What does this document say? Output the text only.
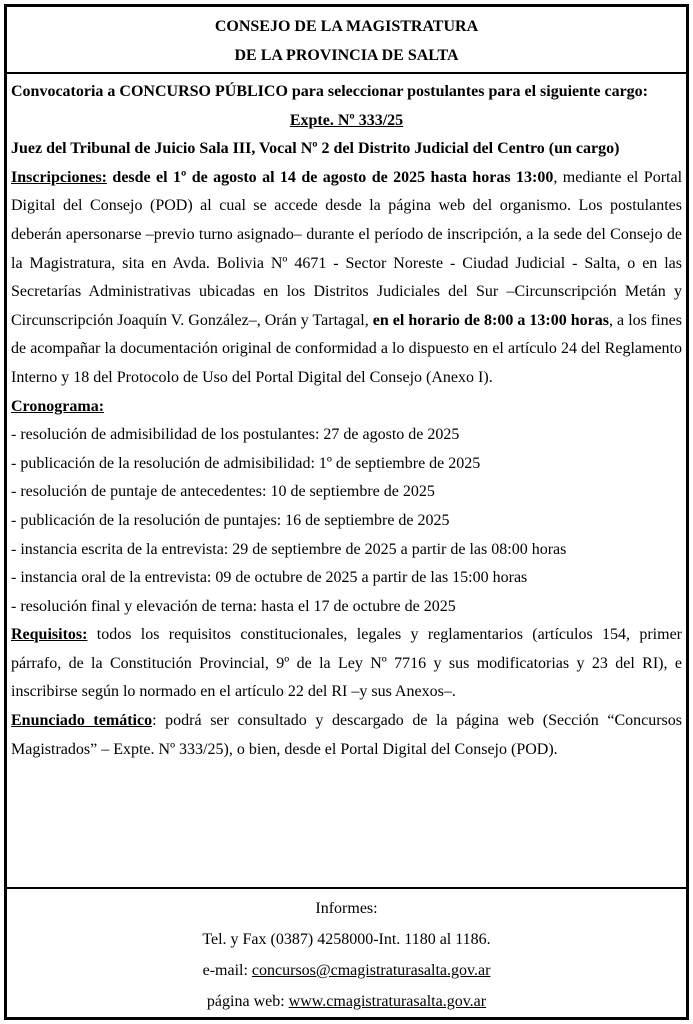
CONSEJO DE LA MAGISTRATURA
DE LA PROVINCIA DE SALTA

Convocatoria a CONCURSO PÚBLICO para seleccionar postulantes para el siguiente cargo:

Expte. Nº 333/25

Juez del Tribunal de Juicio Sala III, Vocal Nº 2 del Distrito Judicial del Centro (un cargo)

Inscripciones: desde el 1º de agosto al 14 de agosto de 2025 hasta horas 13:00, mediante el Portal Digital del Consejo (POD) al cual se accede desde la página web del organismo. Los postulantes deberán apersonarse –previo turno asignado– durante el período de inscripción, a la sede del Consejo de la Magistratura, sita en Avda. Bolivia Nº 4671 - Sector Noreste - Ciudad Judicial - Salta, o en las Secretarías Administrativas ubicadas en los Distritos Judiciales del Sur –Circunscripción Metán y Circunscripción Joaquín V. González–, Orán y Tartagal, en el horario de 8:00 a 13:00 horas, a los fines de acompañar la documentación original de conformidad a lo dispuesto en el artículo 24 del Reglamento Interno y 18 del Protocolo de Uso del Portal Digital del Consejo (Anexo I).

Cronograma:

- resolución de admisibilidad de los postulantes: 27 de agosto de 2025

- publicación de la resolución de admisibilidad: 1º de septiembre de 2025

- resolución de puntaje de antecedentes: 10 de septiembre de 2025

- publicación de la resolución de puntajes: 16 de septiembre de 2025

- instancia escrita de la entrevista: 29 de septiembre de 2025 a partir de las 08:00 horas

- instancia oral de la entrevista: 09 de octubre de 2025 a partir de las 15:00 horas

- resolución final y elevación de terna: hasta el 17 de octubre de 2025

Requisitos: todos los requisitos constitucionales, legales y reglamentarios (artículos 154, primer párrafo, de la Constitución Provincial, 9º de la Ley Nº 7716 y sus modificatorias y 23 del RI), e inscribirse según lo normado en el artículo 22 del RI –y sus Anexos–.

Enunciado temático: podrá ser consultado y descargado de la página web (Sección “Concursos Magistrados” – Expte. Nº 333/25), o bien, desde el Portal Digital del Consejo (POD).

Informes:
Tel. y Fax (0387) 4258000-Int. 1180 al 1186.
e-mail: concursos@cmagistraturasalta.gov.ar
página web: www.cmagistraturasalta.gov.ar
